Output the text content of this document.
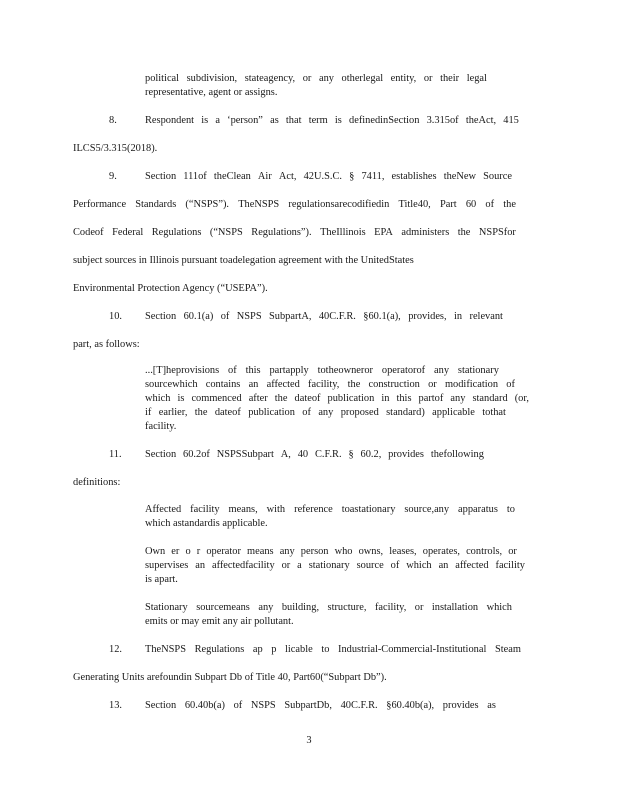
political subdivision, stateagency, or any otherlegal entity, or their legal
representative, agent or assigns.
8.	Respondent is a ‘person” as that term is definedinSection 3.315of theAct, 415
ILCS5/3.315(2018).
9.	Section 111of theClean Air Act, 42U.S.C. § 7411, establishes theNew Source
Performance Standards (“NSPS”). TheNSPS regulationsarecodifiedin Title40, Part 60 of the
Codeof Federal Regulations (“NSPS Regulations”). TheIllinois EPA administers the NSPSfor
subject sources in Illinois pursuant toadelegation agreement with the UnitedStates
Environmental Protection Agency (“USEPA”).
10. Section 60.1(a) of NSPS SubpartA, 40C.F.R. §60.1(a), provides, in relevant
part, as follows:
...[T]heprovisions of this partapply totheowneror operatorof any stationary
sourcewhich contains an affected facility, the construction or modification of
which is commenced after the dateof publication in this partof any standard (or,
if earlier, the dateof publication of any proposed standard) applicable tothat
facility.
11. Section 60.2of NSPSSubpart A, 40 C.F.R. § 60.2, provides thefollowing
definitions:
Affected facility means, with reference toastationary source,any apparatus to
which astandardis applicable.
Own er o r operator means any person who owns, leases, operates, controls, or
supervises an affectedfacility or a stationary source of which an affected facility
is apart.
Stationary sourcemeans any building, structure, facility, or installation which
emits or may emit any air pollutant.
12. TheNSPS Regulations ap p licable to Industrial-Commercial-Institutional Steam
Generating Units arefoundin Subpart Db of Title 40, Part60(“Subpart Db”).
13. Section 60.40b(a) of NSPS SubpartDb, 40C.F.R. §60.40b(a), provides as
3
